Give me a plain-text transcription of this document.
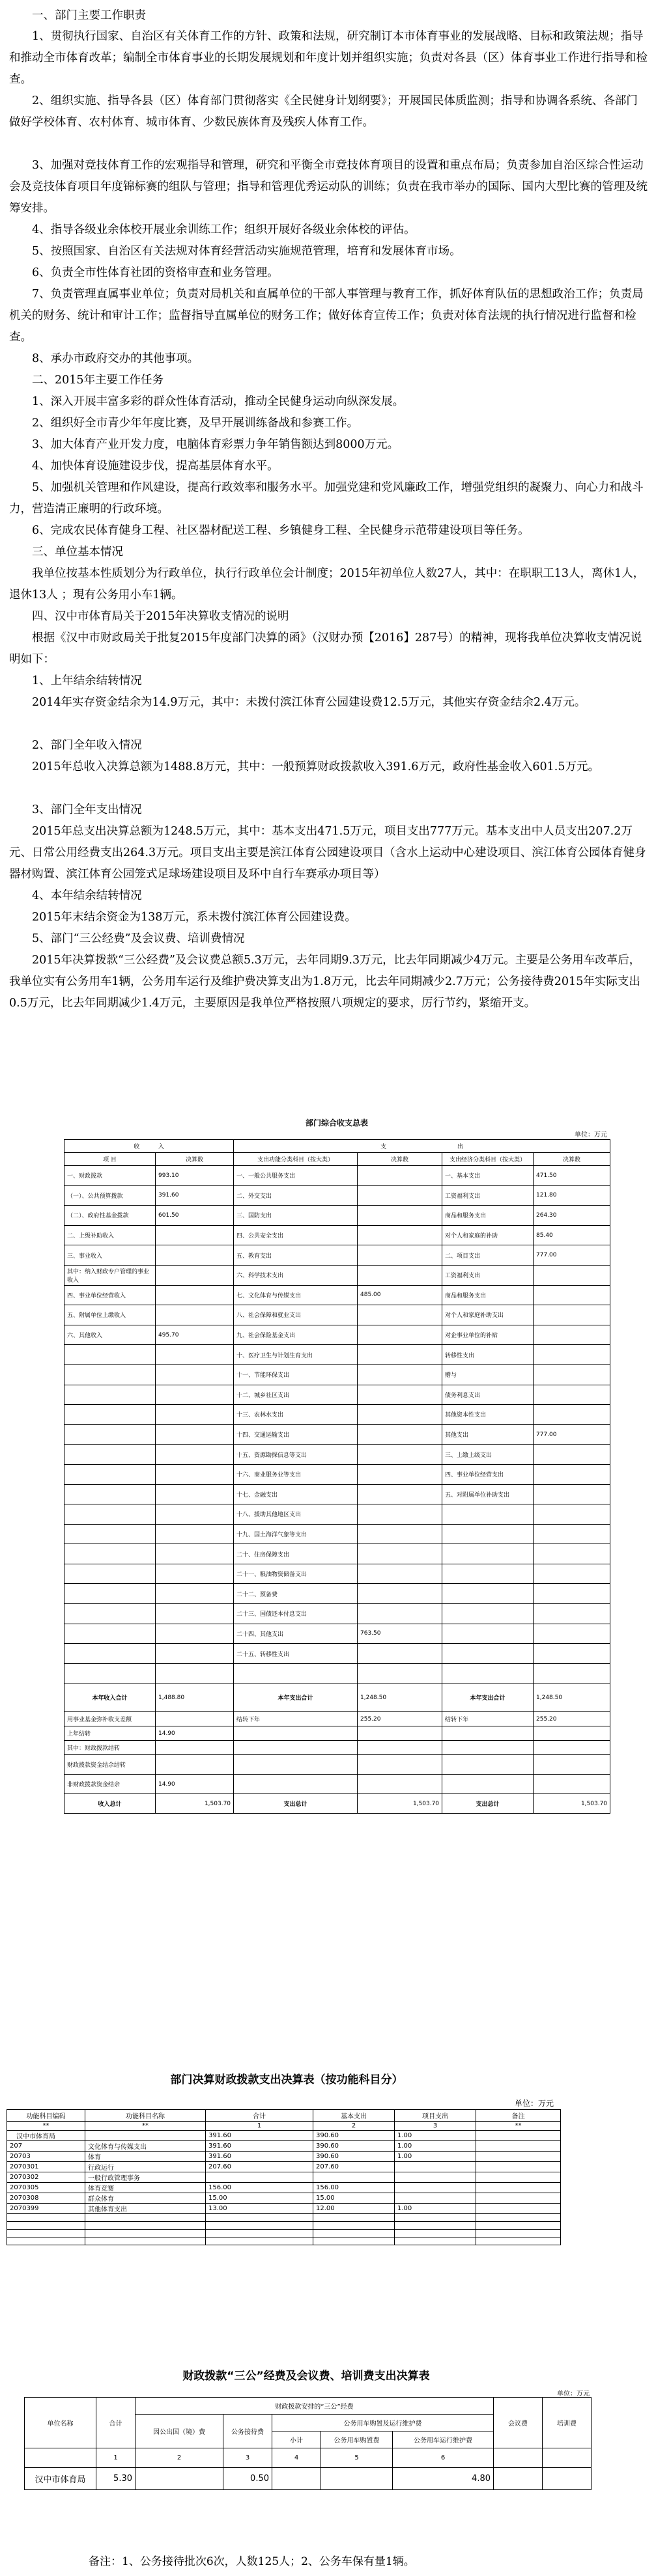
一、部门主要工作职责

1、贯彻执行国家、自治区有关体育工作的方针、政策和法规，研究制订本市体育事业的发展战略、目标和政策法规；指导和推动全市体育改革；编制全市体育事业的长期发展规划和年度计划并组织实施；负责对各县（区）体育事业工作进行指导和检查。

2、组织实施、指导各县（区）体育部门贯彻落实《全民健身计划纲要》；开展国民体质监测；指导和协调各系统、各部门做好学校体育、农村体育、城市体育、少数民族体育及残疾人体育工作。

3、加强对竞技体育工作的宏观指导和管理，研究和平衡全市竞技体育项目的设置和重点布局；负责参加自治区综合性运动会及竞技体育项目年度锦标赛的组队与管理；指导和管理优秀运动队的训练；负责在我市举办的国际、国内大型比赛的管理及统筹安排。

4、指导各级业余体校开展业余训练工作；组织开展好各级业余体校的评估。

5、按照国家、自治区有关法规对体育经营活动实施规范管理，培育和发展体育市场。

6、负责全市性体育社团的资格审查和业务管理。

7、负责管理直属事业单位；负责对局机关和直属单位的干部人事管理与教育工作，抓好体育队伍的思想政治工作；负责局机关的财务、统计和审计工作；监督指导直属单位的财务工作；做好体育宣传工作；负责对体育法规的执行情况进行监督和检查。

8、承办市政府交办的其他事项。

二、2015年主要工作任务

1、深入开展丰富多彩的群众性体育活动，推动全民健身运动向纵深发展。

2、组织好全市青少年年度比赛，及早开展训练备战和参赛工作。

3、加大体育产业开发力度，电脑体育彩票力争年销售额达到8000万元。

4、加快体育设施建设步伐，提高基层体育水平。

5、加强机关管理和作风建设，提高行政效率和服务水平。加强党建和党风廉政工作，增强党组织的凝聚力、向心力和战斗力，营造清正廉明的行政环境。

6、完成农民体育健身工程、社区器材配送工程、乡镇健身工程、全民健身示范带建设项目等任务。

三、单位基本情况

我单位按基本性质划分为行政单位，执行行政单位会计制度；2015年初单位人数27人，其中：在职职工13人，离休1人，退休13人 ；現有公务用小车1辆。

四、汉中市体育局关于2015年决算收支情况的说明

根据《汉中市财政局关于批复2015年度部门决算的函》（汉财办预【2016】287号）的精神，现将我单位决算收支情况说明如下：

1、上年结余结转情况

2014年实存资金结余为14.9万元，其中：未拨付滨江体育公园建设费12.5万元，其他实存资金结余2.4万元。

2、部门全年收入情况

2015年总收入决算总额为1488.8万元，其中：一般预算财政拨款收入391.6万元，政府性基金收入601.5万元。

3、部门全年支出情况

2015年总支出决算总额为1248.5万元，其中：基本支出471.5万元，项目支出777万元。基本支出中人员支出207.2万元、日常公用经费支出264.3万元。项目支出主要是滨江体育公园建设项目（含水上运动中心建设项目、滨江体育公园体育健身器材购置、滨江体育公园笼式足球场建设项目及环中自行车赛承办项目等）

4、本年结余结转情况

2015年末结余资金为138万元，系未拨付滨江体育公园建设费。

5、部门“三公经费”及会议费、培训费情况

2015年决算拨款“三公经费”及会议费总额5.3万元，去年同期9.3万元，比去年同期减少4万元。主要是公务用车改革后，我单位实有公务用车1辆，公务用车运行及维护费决算支出为1.8万元，比去年同期减少2.7万元；公务接待费2015年实际支出0.5万元，比去年同期减少1.4万元，主要原因是我单位严格按照八项规定的要求，厉行节约，紧缩开支。

部门综合收支总表
单位：万元
收 入		支 出			
项 目	决算数	支出功能分类科目（按大类）	决算数	支出经济分类科目（按大类）	决算数
一、财政拨款	993.10	一、一般公共服务支出		一、基本支出	471.50
（一）、公共预算拨款	391.60	二、外交支出		工资福利支出	121.80
（二）、政府性基金拨款	601.50	三、国防支出		商品和服务支出	264.30
二、上级补助收入		四、公共安全支出		对个人和家庭的补助	85.40
三、事业收入		五、教育支出		二、项目支出	777.00
其中：纳入财政专户管理的事业收入		六、科学技术支出		工资福利支出	
四、事业单位经营收入		七、文化体育与传媒支出	485.00	商品和服务支出	
五、附属单位上缴收入		八、社会保障和就业支出		对个人和家庭补助支出	
六、其他收入	495.70	九、社会保险基金支出		对企事业单位的补贴	
		十、医疗卫生与计划生育支出		转移性支出	
		十一、节能环保支出		赠与	
		十二、城乡社区支出		债务利息支出	
		十三、农林水支出		其他资本性支出	
		十四、交通运输支出		其他支出	777.00
		十五、资源勘探信息等支出		三、上缴上级支出	
		十六、商业服务业等支出		四、事业单位经营支出	
		十七、金融支出		五、对附属单位补助支出	
		十八、援助其他地区支出			
		十九、国土海洋气象等支出			
		二十、住房保障支出			
		二十一、粮油物资储备支出			
		二十二、预备费			
		二十三、国债还本付息支出			
		二十四、其他支出	763.50		
		二十五、转移性支出			

本年收入合计	1,488.80	本年支出合计	1,248.50	本年支出合计	1,248.50
用事业基金弥补收支差额		结转下年	255.20	结转下年	255.20
上年结转	14.90				
其中：财政拨款结转					
财政拨款资金结余结转					
非财政拨款资金结余	14.90				
收入总计	1,503.70	支出总计	1,503.70	支出总计	1,503.70
部门决算财政拨款支出决算表（按功能科目分）
单位：万元
功能科目编码	功能科目名称	合计	基本支出	项目支出	备注
**	**	1	2	3	**
汉中市体育局		391.60	390.60	1.00	
207	文化体育与传媒支出	391.60	390.60	1.00	
20703	体育	391.60	390.60	1.00	
2070301	行政运行	207.60	207.60		
2070302	一般行政管理事务				
2070305	体育竞赛	156.00	156.00		
2070308	群众体育	15.00	15.00		
2070399	其他体育支出	13.00	12.00	1.00	

财政拨款“三公”经费及会议费、培训费支出决算表
单位：万元
单位名称	合计	财政拨款安排的“三公”经费					会议费	培训费
		因公出国（境）费	公务接待费	公务用车购置及运行维护费				
				小计	公务用车购置费	公务用车运行维护费		
	1	2	3	4	5	6		
汉中市体育局	5.30		0.50			4.80		
备注：1、公务接待批次6次，人数125人；2、公务车保有量1辆。
